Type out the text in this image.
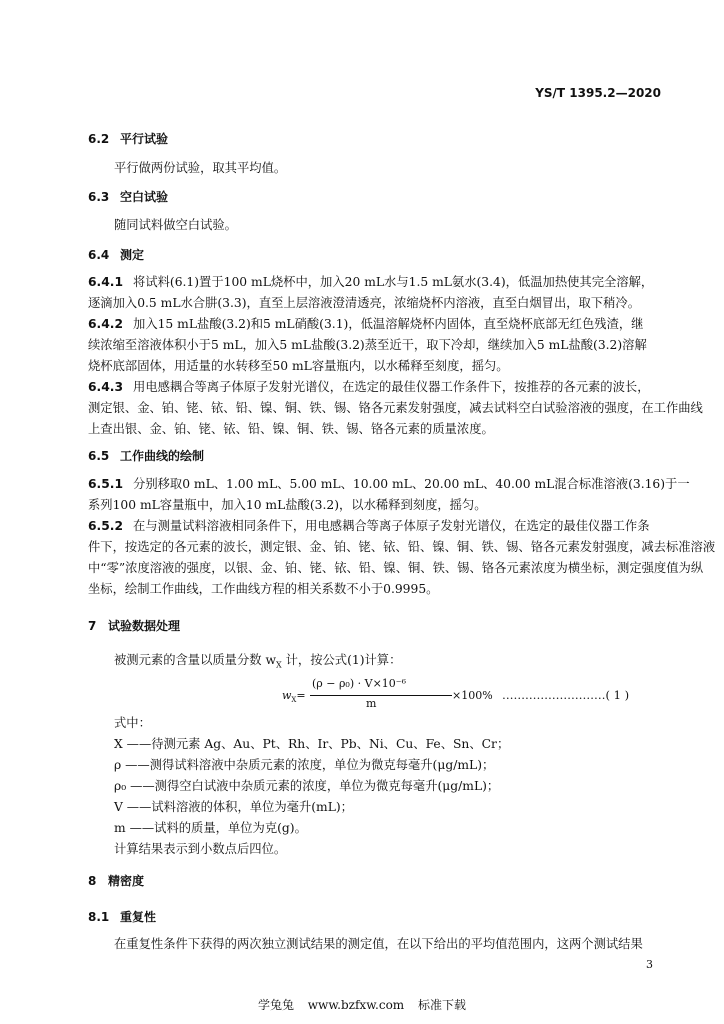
YS/T 1395.2—2020
6.2 平行试验
平行做两份试验，取其平均值。
6.3 空白试验
随同试料做空白试验。
6.4 测定
6.4.1 将试料(6.1)置于100 mL烧杯中，加入20 mL水与1.5 mL氨水(3.4)，低温加热使其完全溶解，
逐滴加入0.5 mL水合肼(3.3)，直至上层溶液澄清透亮，浓缩烧杯内溶液，直至白烟冒出，取下稍冷。
6.4.2 加入15 mL盐酸(3.2)和5 mL硝酸(3.1)，低温溶解烧杯内固体，直至烧杯底部无红色残渣，继
续浓缩至溶液体积小于5 mL，加入5 mL盐酸(3.2)蒸至近干，取下冷却，继续加入5 mL盐酸(3.2)溶解
烧杯底部固体，用适量的水转移至50 mL容量瓶内，以水稀释至刻度，摇匀。
6.4.3 用电感耦合等离子体原子发射光谱仪，在选定的最佳仪器工作条件下，按推荐的各元素的波长，
测定银、金、铂、铑、铱、铅、镍、铜、铁、锡、铬各元素发射强度，减去试料空白试验溶液的强度，在工作曲线
上查出银、金、铂、铑、铱、铅、镍、铜、铁、锡、铬各元素的质量浓度。
6.5 工作曲线的绘制
6.5.1 分别移取0 mL、1.00 mL、5.00 mL、10.00 mL、20.00 mL、40.00 mL混合标准溶液(3.16)于一
系列100 mL容量瓶中，加入10 mL盐酸(3.2)，以水稀释到刻度，摇匀。
6.5.2 在与测量试料溶液相同条件下，用电感耦合等离子体原子发射光谱仪，在选定的最佳仪器工作条
件下，按选定的各元素的波长，测定银、金、铂、铑、铱、铅、镍、铜、铁、锡、铬各元素发射强度，减去标准溶液
中“零”浓度溶液的强度，以银、金、铂、铑、铱、铅、镍、铜、铁、锡、铬各元素浓度为横坐标，测定强度值为纵
坐标，绘制工作曲线，工作曲线方程的相关系数不小于0.9995。
7 试验数据处理
被测元素的含量以质量分数 $w_X$ 计，按公式(1)计算：
$w_X=$
(ρ − ρ₀) · V×10⁻⁶
m
×100% ………………………( 1 )
式中：
X ——待测元素 Ag、Au、Pt、Rh、Ir、Pb、Ni、Cu、Fe、Sn、Cr；
ρ ——测得试料溶液中杂质元素的浓度，单位为微克每毫升(μg/mL)；
ρ₀ ——测得空白试液中杂质元素的浓度，单位为微克每毫升(μg/mL)；
V ——试料溶液的体积，单位为毫升(mL)；
m ——试料的质量，单位为克(g)。
计算结果表示到小数点后四位。
8 精密度
8.1 重复性
在重复性条件下获得的两次独立测试结果的测定值，在以下给出的平均值范围内，这两个测试结果
3
学兔兔 www.bzfxw.com 标准下载
